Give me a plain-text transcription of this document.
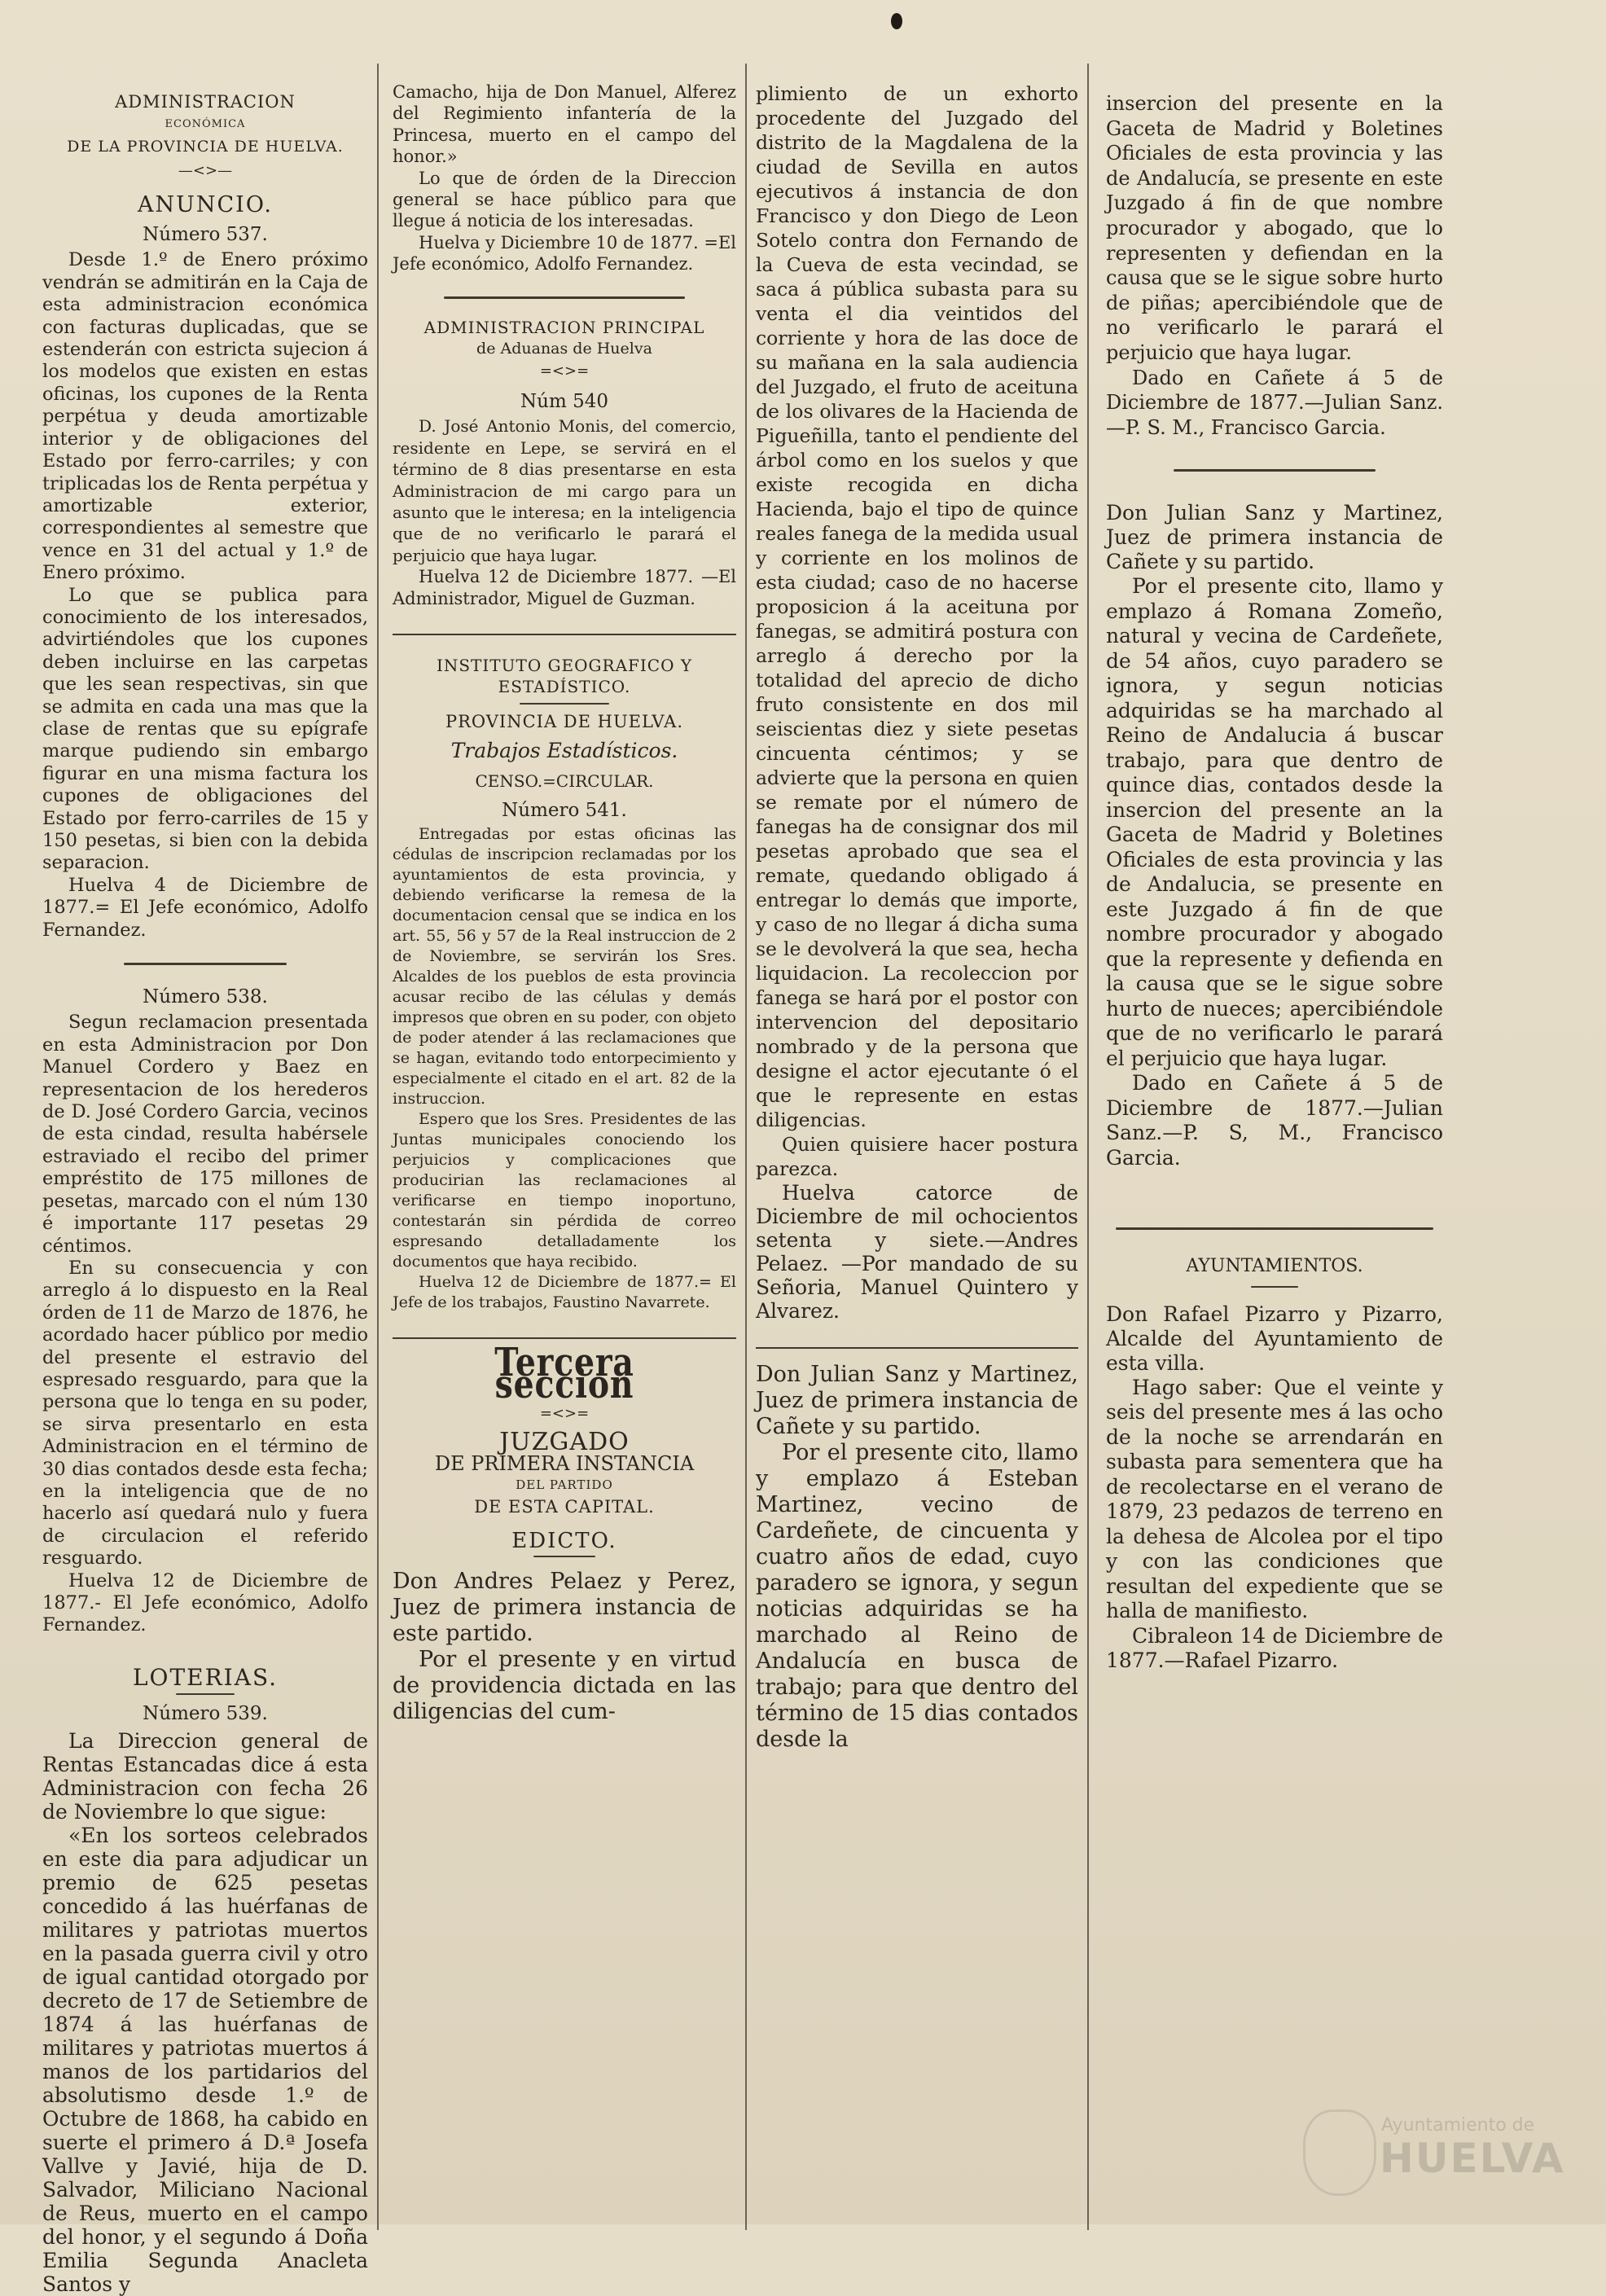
ADMINISTRACION
ECONÓMICA
DE LA PROVINCIA DE HUELVA.
—<>—
ANUNCIO.
Número 537.

Desde 1.º de Enero próximo vendrán se admitirán en la Caja de esta administracion económica con facturas duplicadas, que se estenderán con estricta sujecion á los modelos que existen en estas oficinas, los cupones de la Renta perpétua y deuda amortizable interior y de obligaciones del Estado por ferro-carriles; y con triplicadas los de Renta perpétua y amortizable exterior, correspondientes al semestre que vence en 31 del actual y 1.º de Enero próximo.

Lo que se publica para conocimiento de los interesados, advirtiéndoles que los cupones deben incluirse en las carpetas que les sean respectivas, sin que se admita en cada una mas que la clase de rentas que su epígrafe marque pudiendo sin embargo figurar en una misma factura los cupones de obligaciones del Estado por ferro-carriles de 15 y 150 pesetas, si bien con la debida separacion.

Huelva 4 de Diciembre de 1877.= El Jefe económico, Adolfo Fernandez.

Número 538.

Segun reclamacion presentada en esta Administracion por Don Manuel Cordero y Baez en representacion de los herederos de D. José Cordero Garcia, vecinos de esta cindad, resulta habérsele estraviado el recibo del primer empréstito de 175 millones de pesetas, marcado con el núm 130 é importante 117 pesetas 29 céntimos.

En su consecuencia y con arreglo á lo dispuesto en la Real órden de 11 de Marzo de 1876, he acordado hacer público por medio del presente el estravio del espresado resguardo, para que la persona que lo tenga en su poder, se sirva presentarlo en esta Administracion en el término de 30 dias contados desde esta fecha; en la inteligencia que de no hacerlo así quedará nulo y fuera de circulacion el referido resguardo.

Huelva 12 de Diciembre de 1877.- El Jefe económico, Adolfo Fernandez.

LOTERIAS.
Número 539.

La Direccion general de Rentas Estancadas dice á esta Administracion con fecha 26 de Noviembre lo que sigue:

«En los sorteos celebrados en este dia para adjudicar un premio de 625 pesetas concedido á las huérfanas de militares y patriotas muertos en la pasada guerra civil y otro de igual cantidad otorgado por decreto de 17 de Setiembre de 1874 á las huérfanas de militares y patriotas muertos á manos de los partidarios del absolutismo desde 1.º de Octubre de 1868, ha cabido en suerte el primero á D.ª Josefa Vallve y Javié, hija de D. Salvador, Miliciano Nacional de Reus, muerto en el campo del honor, y el segundo á Doña Emilia Segunda Anacleta Santos y

Camacho, hija de Don Manuel, Alferez del Regimiento infantería de la Princesa, muerto en el campo del honor.»

Lo que de órden de la Direccion general se hace público para que llegue á noticia de los interesadas.

Huelva y Diciembre 10 de 1877. =El Jefe económico, Adolfo Fernandez.

ADMINISTRACION PRINCIPAL
de Aduanas de Huelva
=<>=
Núm 540

D. José Antonio Monis, del comercio, residente en Lepe, se servirá en el término de 8 dias presentarse en esta Administracion de mi cargo para un asunto que le interesa; en la inteligencia que de no verificarlo le parará el perjuicio que haya lugar.

Huelva 12 de Diciembre 1877. —El Administrador, Miguel de Guzman.

INSTITUTO GEOGRAFICO Y ESTADÍSTICO.
PROVINCIA DE HUELVA.
Trabajos Estadísticos.
CENSO.=CIRCULAR.
Número 541.

Entregadas por estas oficinas las cédulas de inscripcion reclamadas por los ayuntamientos de esta provincia, y debiendo verificarse la remesa de la documentacion censal que se indica en los art. 55, 56 y 57 de la Real instruccion de 2 de Noviembre, se servirán los Sres. Alcaldes de los pueblos de esta provincia acusar recibo de las células y demás impresos que obren en su poder, con objeto de poder atender á las reclamaciones que se hagan, evitando todo entorpecimiento y especialmente el citado en el art. 82 de la instruccion.

Espero que los Sres. Presidentes de las Juntas municipales conociendo los perjuicios y complicaciones que producirian las reclamaciones al verificarse en tiempo inoportuno, contestarán sin pérdida de correo espresando detalladamente los documentos que haya recibido.

Huelva 12 de Diciembre de 1877.= El Jefe de los trabajos, Faustino Navarrete.

Tercera seccion
=<>=
JUZGADO
DE PRIMERA INSTANCIA
DEL PARTIDO
DE ESTA CAPITAL.
EDICTO.

Don Andres Pelaez y Perez, Juez de primera instancia de este partido.

Por el presente y en virtud de providencia dictada en las diligencias del cum-

plimiento de un exhorto procedente del Juzgado del distrito de la Magdalena de la ciudad de Sevilla en autos ejecutivos á instancia de don Francisco y don Diego de Leon Sotelo contra don Fernando de la Cueva de esta vecindad, se saca á pública subasta para su venta el dia veintidos del corriente y hora de las doce de su mañana en la sala audiencia del Juzgado, el fruto de aceituna de los olivares de la Hacienda de Pigueñilla, tanto el pendiente del árbol como en los suelos y que existe recogida en dicha Hacienda, bajo el tipo de quince reales fanega de la medida usual y corriente en los molinos de esta ciudad; caso de no hacerse proposicion á la aceituna por fanegas, se admitirá postura con arreglo á derecho por la totalidad del aprecio de dicho fruto consistente en dos mil seiscientas diez y siete pesetas cincuenta céntimos; y se advierte que la persona en quien se remate por el número de fanegas ha de consignar dos mil pesetas aprobado que sea el remate, quedando obligado á entregar lo demás que importe, y caso de no llegar á dicha suma se le devolverá la que sea, hecha liquidacion. La recoleccion por fanega se hará por el postor con intervencion del depositario nombrado y de la persona que designe el actor ejecutante ó el que le represente en estas diligencias.

Quien quisiere hacer postura parezca.

Huelva catorce de Diciembre de mil ochocientos setenta y siete.—Andres Pelaez. —Por mandado de su Señoria, Manuel Quintero y Alvarez.

Don Julian Sanz y Martinez, Juez de primera instancia de Cañete y su partido.

Por el presente cito, llamo y emplazo á Esteban Martinez, vecino de Cardeñete, de cincuenta y cuatro años de edad, cuyo paradero se ignora, y segun noticias adquiridas se ha marchado al Reino de Andalucía en busca de trabajo; para que dentro del término de 15 dias contados desde la

insercion del presente en la Gaceta de Madrid y Boletines Oficiales de esta provincia y las de Andalucía, se presente en este Juzgado á fin de que nombre procurador y abogado, que lo representen y defiendan en la causa que se le sigue sobre hurto de piñas; apercibiéndole que de no verificarlo le parará el perjuicio que haya lugar.

Dado en Cañete á 5 de Diciembre de 1877.—Julian Sanz.—P. S. M., Francisco Garcia.

Don Julian Sanz y Martinez, Juez de primera instancia de Cañete y su partido.

Por el presente cito, llamo y emplazo á Romana Zomeño, natural y vecina de Cardeñete, de 54 años, cuyo paradero se ignora, y segun noticias adquiridas se ha marchado al Reino de Andalucia á buscar trabajo, para que dentro de quince dias, contados desde la insercion del presente an la Gaceta de Madrid y Boletines Oficiales de esta provincia y las de Andalucia, se presente en este Juzgado á fin de que nombre procurador y abogado que la represente y defienda en la causa que se le sigue sobre hurto de nueces; apercibiéndole que de no verificarlo le parará el perjuicio que haya lugar.

Dado en Cañete á 5 de Diciembre de 1877.—Julian Sanz.—P. S, M., Francisco Garcia.

AYUNTAMIENTOS.

Don Rafael Pizarro y Pizarro, Alcalde del Ayuntamiento de esta villa.

Hago saber: Que el veinte y seis del presente mes á las ocho de la noche se arrendarán en subasta para sementera que ha de recolectarse en el verano de 1879, 23 pedazos de terreno en la dehesa de Alcolea por el tipo y con las condiciones que resultan del expediente que se halla de manifiesto.

Cibraleon 14 de Diciembre de 1877.—Rafael Pizarro.

Ayuntamiento de
HUELVA
